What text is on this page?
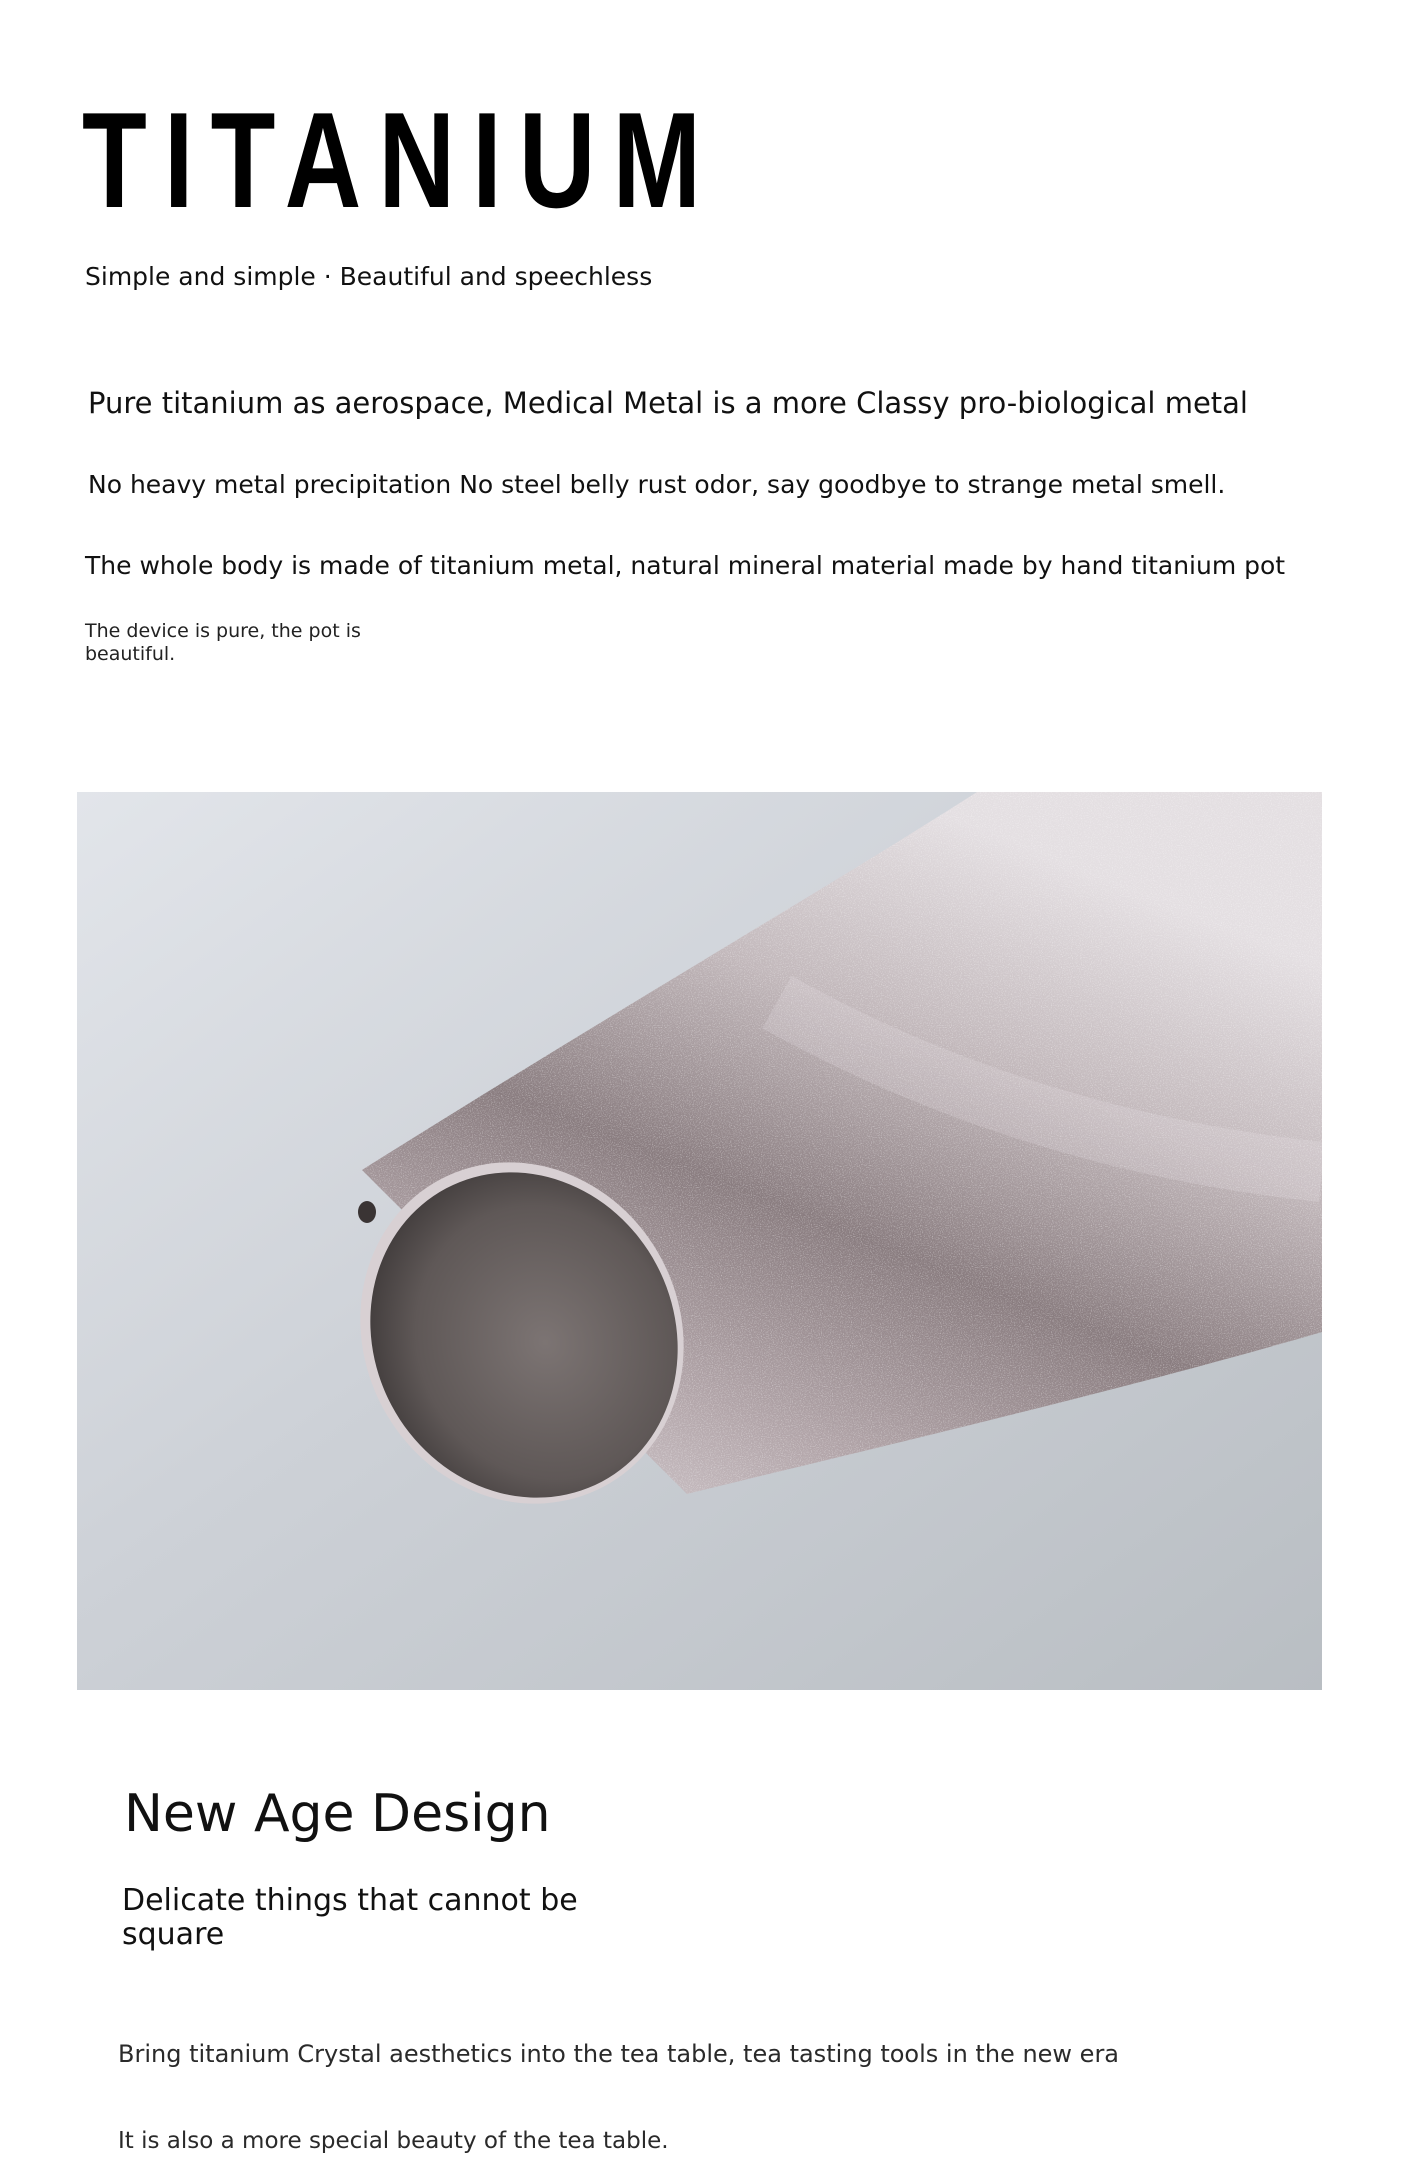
TITANIUM
Simple and simple · Beautiful and speechless
Pure titanium as aerospace, Medical Metal is a more Classy pro-biological metal
No heavy metal precipitation No steel belly rust odor, say goodbye to strange metal smell.
The whole body is made of titanium metal, natural mineral material made by hand titanium pot
The device is pure, the pot is beautiful.
New Age Design
Delicate things that cannot be square
Bring titanium Crystal aesthetics into the tea table, tea tasting tools in the new era
It is also a more special beauty of the tea table.
